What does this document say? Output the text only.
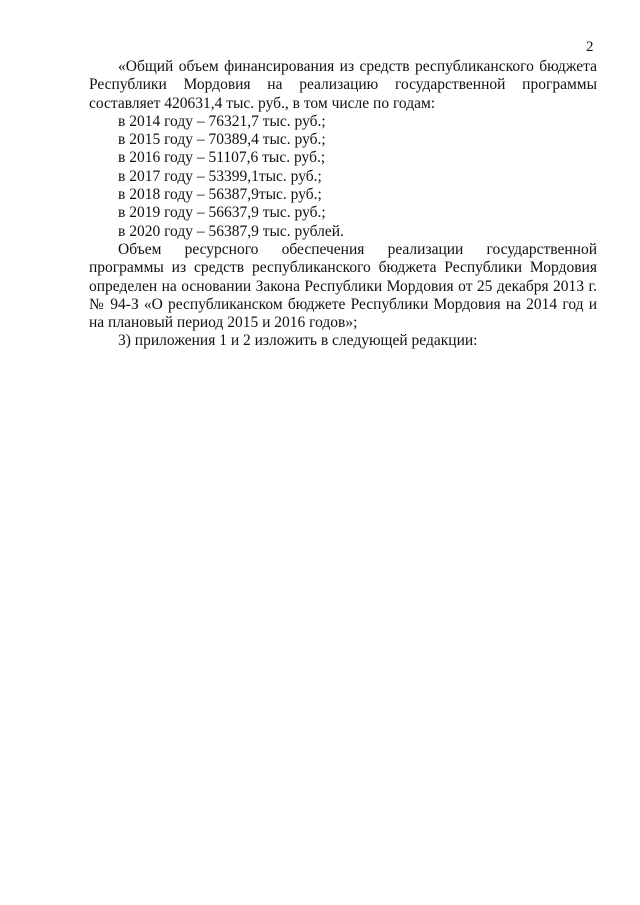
2

«Общий объем финансирования из средств республиканского бюджета Республики Мордовия на реализацию государственной программы составляет 420631,4 тыс. руб., в том числе по годам:

в 2014 году – 76321,7 тыс. руб.;

в 2015 году – 70389,4 тыс. руб.;

в 2016 году – 51107,6 тыс. руб.;

в 2017 году – 53399,1тыс. руб.;

в 2018 году – 56387,9тыс. руб.;

в 2019 году – 56637,9 тыс. руб.;

в 2020 году – 56387,9 тыс. рублей.

Объем ресурсного обеспечения реализации государственной программы из средств республиканского бюджета Республики Мордовия определен на основании Закона Республики Мордовия от 25 декабря 2013 г. № 94-З «О республиканском бюджете Республики Мордовия на 2014 год и на плановый период 2015 и 2016 годов»;

3) приложения 1 и 2 изложить в следующей редакции:
